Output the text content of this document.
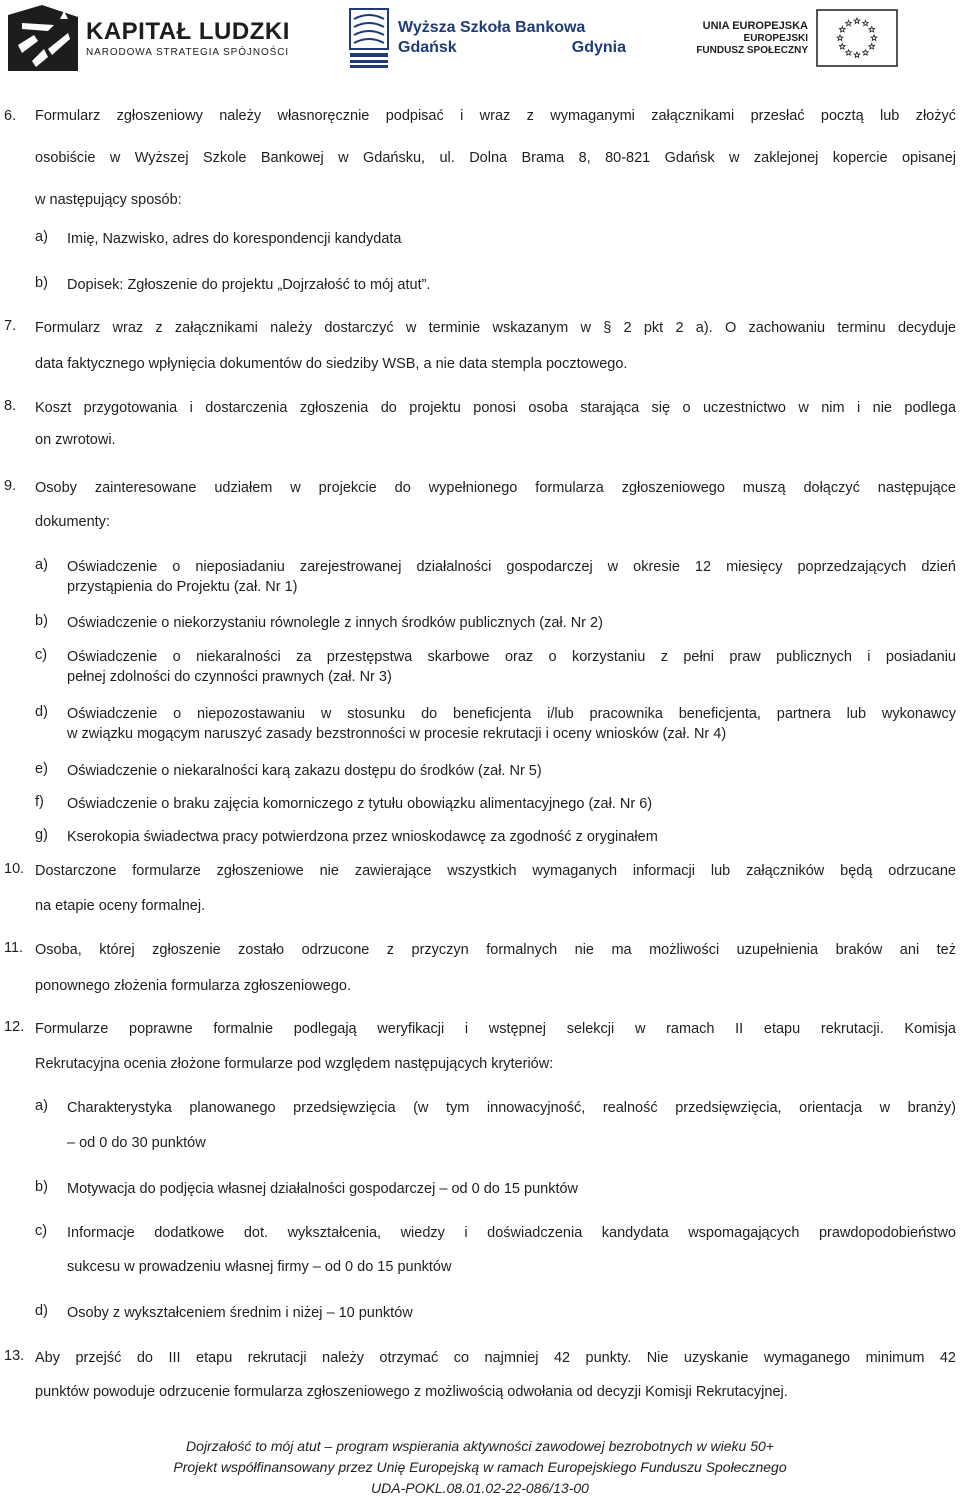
KAPITAŁ LUDZKI
NARODOWA STRATEGIA SPÓJNOŚCI
Wyższa Szkoła Bankowa
Gdańsk	Gdynia
UNIA EUROPEJSKA
EUROPEJSKI
FUNDUSZ SPOŁECZNY
6. Formularz zgłoszeniowy należy własnoręcznie podpisać i wraz z wymaganymi załącznikami przesłać pocztą lub złożyć
osobiście w Wyższej Szkole Bankowej w Gdańsku, ul. Dolna Brama 8, 80-821 Gdańsk w zaklejonej kopercie opisanej
w następujący sposób:
a) Imię, Nazwisko, adres do korespondencji kandydata
b) Dopisek: Zgłoszenie do projektu „Dojrzałość to mój atut”.
7. Formularz wraz z załącznikami należy dostarczyć w terminie wskazanym w § 2 pkt 2 a). O zachowaniu terminu decyduje
data faktycznego wpłynięcia dokumentów do siedziby WSB, a nie data stempla pocztowego.
8. Koszt przygotowania i dostarczenia zgłoszenia do projektu ponosi osoba starająca się o uczestnictwo w nim i nie podlega
on zwrotowi.
9. Osoby zainteresowane udziałem w projekcie do wypełnionego formularza zgłoszeniowego muszą dołączyć następujące
dokumenty:
a) Oświadczenie o nieposiadaniu zarejestrowanej działalności gospodarczej w okresie 12 miesięcy poprzedzających dzień
przystąpienia do Projektu (zał. Nr 1)
b) Oświadczenie o niekorzystaniu równolegle z innych środków publicznych (zał. Nr 2)
c) Oświadczenie o niekaralności za przestępstwa skarbowe oraz o korzystaniu z pełni praw publicznych i posiadaniu
pełnej zdolności do czynności prawnych (zał. Nr 3)
d) Oświadczenie o niepozostawaniu w stosunku do beneficjenta i/lub pracownika beneficjenta, partnera lub wykonawcy
w związku mogącym naruszyć zasady bezstronności w procesie rekrutacji i oceny wniosków (zał. Nr 4)
e) Oświadczenie o niekaralności karą zakazu dostępu do środków (zał. Nr 5)
f) Oświadczenie o braku zajęcia komorniczego z tytułu obowiązku alimentacyjnego (zał. Nr 6)
g) Kserokopia świadectwa pracy potwierdzona przez wnioskodawcę za zgodność z oryginałem
10. Dostarczone formularze zgłoszeniowe nie zawierające wszystkich wymaganych informacji lub załączników będą odrzucane
na etapie oceny formalnej.
11. Osoba, której zgłoszenie zostało odrzucone z przyczyn formalnych nie ma możliwości uzupełnienia braków ani też
ponownego złożenia formularza zgłoszeniowego.
12. Formularze poprawne formalnie podlegają weryfikacji i wstępnej selekcji w ramach II etapu rekrutacji. Komisja
Rekrutacyjna ocenia złożone formularze pod względem następujących kryteriów:
a) Charakterystyka planowanego przedsięwzięcia (w tym innowacyjność, realność przedsięwzięcia, orientacja w branży)
– od 0 do 30 punktów
b) Motywacja do podjęcia własnej działalności gospodarczej – od 0 do 15 punktów
c) Informacje dodatkowe dot. wykształcenia, wiedzy i doświadczenia kandydata wspomagających prawdopodobieństwo
sukcesu w prowadzeniu własnej firmy – od 0 do 15 punktów
d) Osoby z wykształceniem średnim i niżej – 10 punktów
13. Aby przejść do III etapu rekrutacji należy otrzymać co najmniej 42 punkty. Nie uzyskanie wymaganego minimum 42
punktów powoduje odrzucenie formularza zgłoszeniowego z możliwością odwołania od decyzji Komisji Rekrutacyjnej.
Dojrzałość to mój atut – program wspierania aktywności zawodowej bezrobotnych w wieku 50+
Projekt współfinansowany przez Unię Europejską w ramach Europejskiego Funduszu Społecznego
UDA-POKL.08.01.02-22-086/13-00
